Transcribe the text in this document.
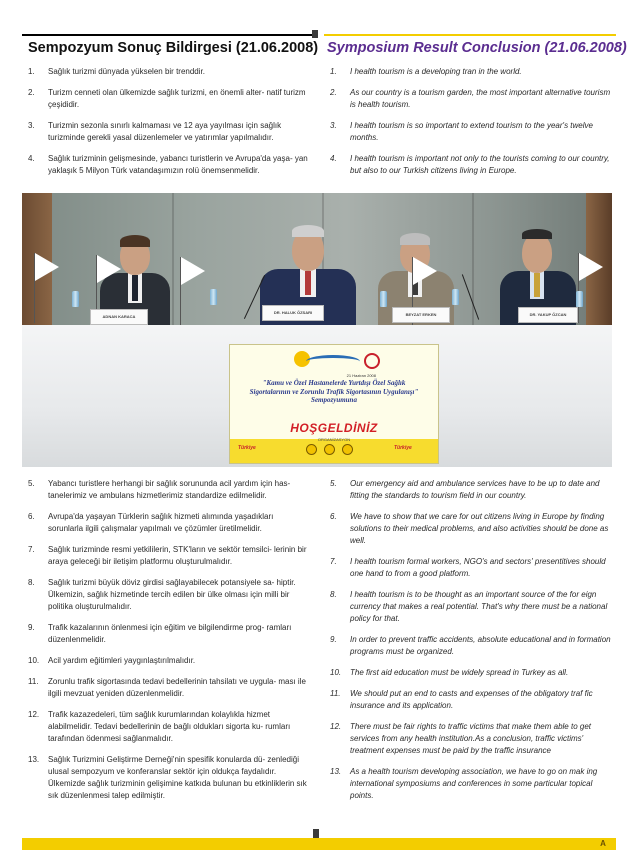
Sempozyum Sonuç Bildirgesi (21.06.2008) Symposium Result Conclusion (21.06.2008)
1. Sağlık turizmi dünyada yükselen bir trenddir.
2. Turizm cenneti olan ülkemizde sağlık turizmi, en önemli alter- natif turizm çeşididir.
3. Turizmin sezonla sınırlı kalmaması ve 12 aya yayılması için sağlık turizminde gerekli yasal düzenlemeler ve yatırımlar yapılmalıdır.
4. Sağlık turizminin gelişmesinde, yabancı turistlerin ve Avrupa'da yaşa- yan yaklaşık 5 Milyon Türk vatandaşımızın rolü önemsenmelidir.
1. I health tourism is a developing tran in the world.
2. As our country is a tourism garden, the most important alternative tourism is health tourism.
3. I health tourism is so important to extend tourism to the year's twelve months.
4. I health tourism is important not only to the tourists coming to our country, but also to our Turkish citizens living in Europe.
ADNAN KARACA
DR. HALUK ÖZSARI	BEYZAT ERKEN	DR. YAKUP ÖZCAN
21 Haziran 2008
"Kamu ve Özel Hastanelerde Yurtdışı Özel Sağlık Sigortalarının ve Zorunlu Trafik Sigortasının Uygulanışı" Sempozyumuna
HOŞGELDİNİZ
ORGANİZASYON
Türkiye	Türkiye
5. Yabancı turistlere herhangi bir sağlık sorununda acil yardım için has- tanelerimiz ve ambulans hizmetlerimiz standardize edilmelidir.
6. Avrupa'da yaşayan Türklerin sağlık hizmeti alımında yaşadıkları sorunlarla ilgili çalışmalar yapılmalı ve çözümler üretilmelidir.
7. Sağlık turizminde resmi yetkililerin, STK'ların ve sektör temsilci- lerinin bir araya geleceği bir iletişim platformu oluşturulmalıdır.
8. Sağlık turizmi büyük döviz girdisi sağlayabilecek potansiyele sa- hiptir. Ülkemizin, sağlık hizmetinde tercih edilen bir ülke olması için milli bir politika oluşturulmalıdır.
9. Trafik kazalarının önlenmesi için eğitim ve bilgilendirme prog- ramları düzenlenmelidir.
10. Acil yardım eğitimleri yaygınlaştırılmalıdır.
11. Zorunlu trafik sigortasında tedavi bedellerinin tahsilatı ve uygula- ması ile ilgili mevzuat yeniden düzenlenmelidir.
12. Trafik kazazedeleri, tüm sağlık kurumlarından kolaylıkla hizmet alabilmelidir. Tedavi bedellerinin de bağlı oldukları sigorta ku- rumları tarafından ödenmesi sağlanmalıdır.
13. Sağlık Turizmini Geliştirme Derneği'nin spesifik konularda dü- zenlediği ulusal sempozyum ve konferanslar sektör için oldukça faydalıdır. Ülkemizde sağlık turizminin gelişimine katkıda bulunan bu etkinliklerin sık sık düzenlenmesi talep edilmiştir.
5. Our emergency aid and ambulance services have to be up to date and fitting the standards to tourism field in our country.
6. We have to show that we care for out citizens living in Europe by finding solutions to their medical problems, and also activities should be done as well.
7. I health tourism formal workers, NGO's and sectors' presentitives should one hand to from a good platform.
8. I health tourism is to be thought as an important source of the for eign currency that makes a real potential. That's why there must be a national policy for that.
9. In order to prevent traffic accidents, absolute educational and in formation programs must be organized.
10. The first aid education must be widely spread in Turkey as all.
11. We should put an end to casts and expenses of the obligatory traf fic insurance and its application.
12. There must be fair rights to traffic victims that make them able to get services from any health institution.As a conclusion, traffic victims' treatment expenses must be paid by the traffic insurance
13. As a health tourism developing association, we have to go on mak ing international symposiums and conferences in some particular topical points.
A
